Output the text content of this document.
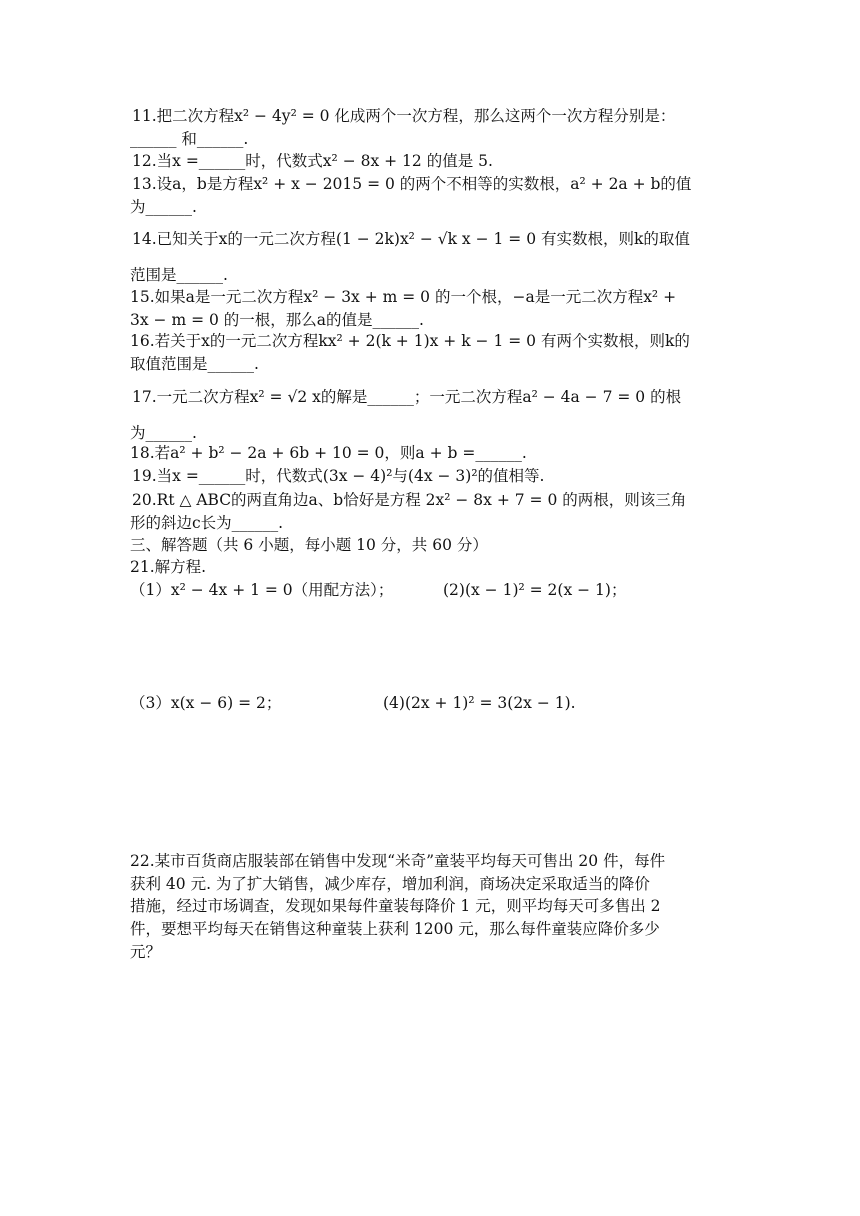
11.把二次方程x² − 4y² = 0 化成两个一次方程，那么这两个一次方程分别是：
______ 和______.
12.当x =______时，代数式x² − 8x + 12 的值是 5.
13.设a，b是方程x² + x − 2015 = 0 的两个不相等的实数根，a² + 2a + b的值
为______.
14.已知关于x的一元二次方程(1 − 2k)x² − √k x − 1 = 0 有实数根，则k的取值
范围是______.
15.如果a是一元二次方程x² − 3x + m = 0 的一个根，−a是一元二次方程x² +
3x − m = 0 的一根，那么a的值是______.
16.若关于x的一元二次方程kx² + 2(k + 1)x + k − 1 = 0 有两个实数根，则k的
取值范围是______.
17.一元二次方程x² = √2 x的解是______；一元二次方程a² − 4a − 7 = 0 的根
为______.
18.若a² + b² − 2a + 6b + 10 = 0，则a + b =______.
19.当x =______时，代数式(3x − 4)²与(4x − 3)²的值相等.
20.Rt △ ABC的两直角边a、b恰好是方程 2x² − 8x + 7 = 0 的两根，则该三角
形的斜边c长为______.
三、解答题（共 6 小题，每小题 10 分，共 60 分）
21.解方程.
（1）x² − 4x + 1 = 0（用配方法）；	(2)(x − 1)² = 2(x − 1)；
（3）x(x − 6) = 2；	(4)(2x + 1)² = 3(2x − 1).
22.某市百货商店服装部在销售中发现“米奇”童装平均每天可售出 20 件，每件
获利 40 元. 为了扩大销售，减少库存，增加利润，商场决定采取适当的降价
措施，经过市场调查，发现如果每件童装每降价 1 元，则平均每天可多售出 2
件，要想平均每天在销售这种童装上获利 1200 元，那么每件童装应降价多少
元？
